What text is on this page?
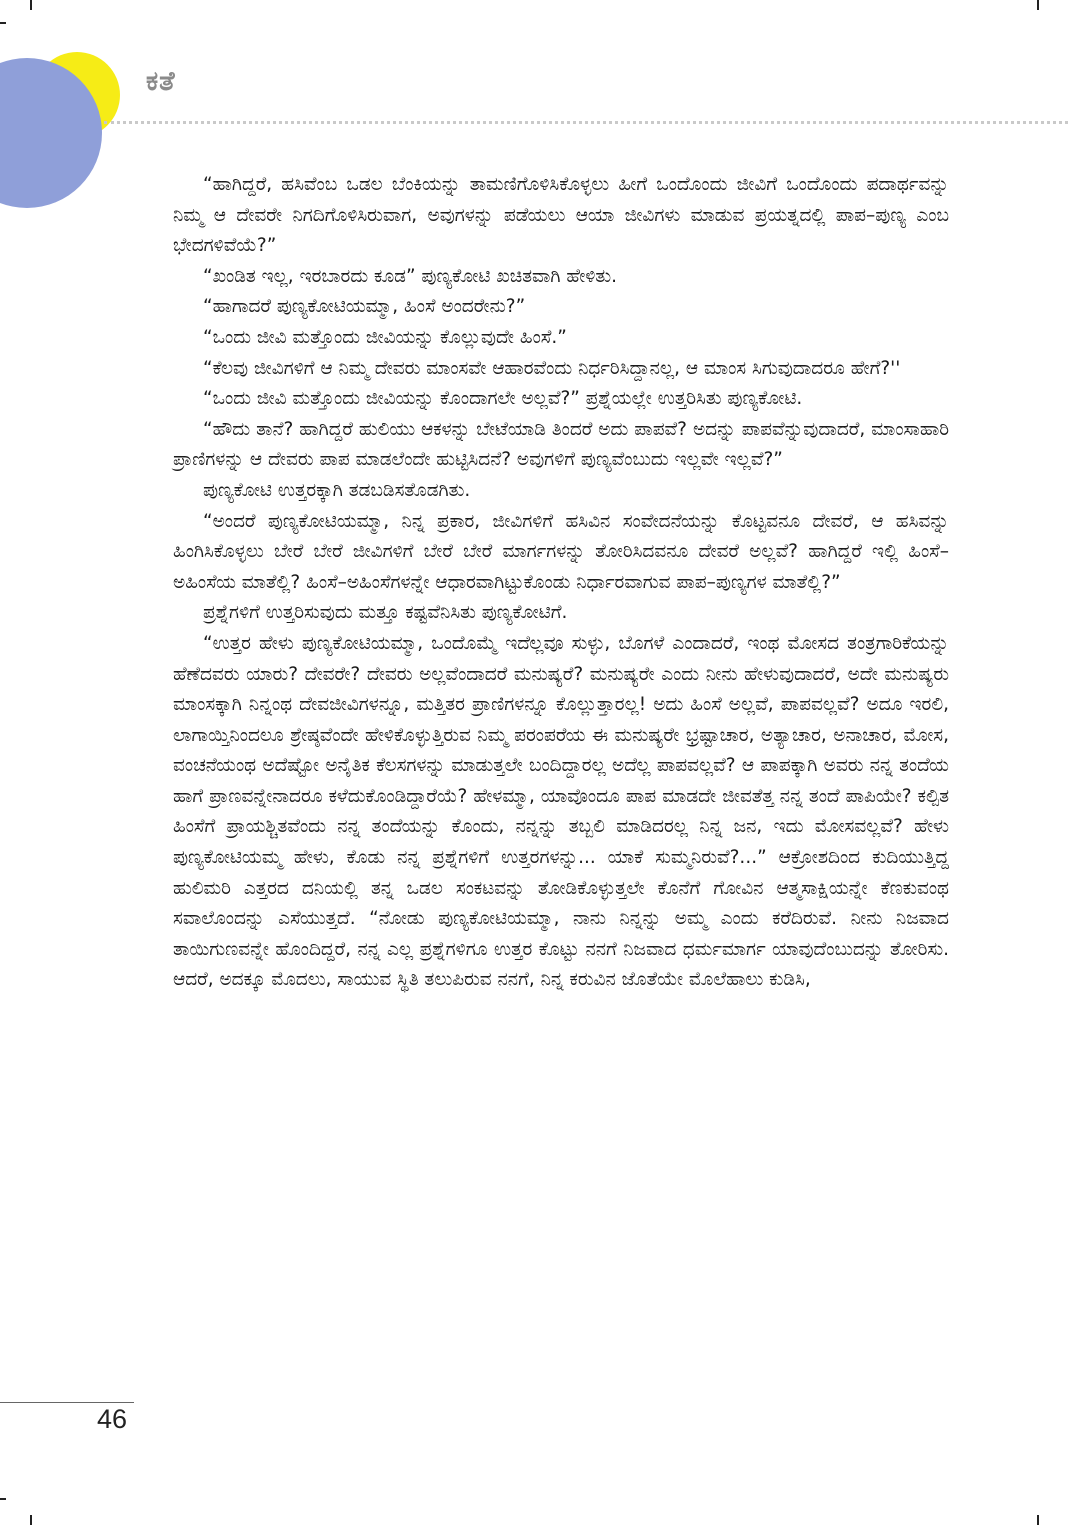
ಕತೆ

“ಹಾಗಿದ್ದರೆ, ಹಸಿವೆಂಬ ಒಡಲ ಬೆಂಕಿಯನ್ನು ತಾಮಣಿಗೊಳಿಸಿಕೊಳ್ಳಲು ಹೀಗೆ ಒಂದೊಂದು ಜೀವಿಗೆ ಒಂದೊಂದು ಪದಾರ್ಥವನ್ನು ನಿಮ್ಮ ಆ ದೇವರೇ ನಿಗದಿಗೊಳಿಸಿರುವಾಗ, ಅವುಗಳನ್ನು ಪಡೆಯಲು ಆಯಾ ಜೀವಿಗಳು ಮಾಡುವ ಪ್ರಯತ್ನದಲ್ಲಿ ಪಾಪ–ಪುಣ್ಯ ಎಂಬ ಭೇದಗಳಿವೆಯೆ?”

“ಖಂಡಿತ ಇಲ್ಲ, ಇರಬಾರದು ಕೂಡ” ಪುಣ್ಯಕೋಟಿ ಖಚಿತವಾಗಿ ಹೇಳಿತು.

“ಹಾಗಾದರೆ ಪುಣ್ಯಕೋಟಿಯಮ್ಮಾ, ಹಿಂಸೆ ಅಂದರೇನು?”

“ಒಂದು ಜೀವಿ ಮತ್ತೊಂದು ಜೀವಿಯನ್ನು ಕೊಲ್ಲುವುದೇ ಹಿಂಸೆ.”

“ಕೆಲವು ಜೀವಿಗಳಿಗೆ ಆ ನಿಮ್ಮ ದೇವರು ಮಾಂಸವೇ ಆಹಾರವೆಂದು ನಿರ್ಧರಿಸಿದ್ದಾನಲ್ಲ, ಆ ಮಾಂಸ ಸಿಗುವುದಾದರೂ ಹೇಗೆ?''

“ಒಂದು ಜೀವಿ ಮತ್ತೊಂದು ಜೀವಿಯನ್ನು ಕೊಂದಾಗಲೇ ಅಲ್ಲವೆ?” ಪ್ರಶ್ನೆಯಲ್ಲೇ ಉತ್ತರಿಸಿತು ಪುಣ್ಯಕೋಟಿ.

“ಹೌದು ತಾನೆ? ಹಾಗಿದ್ದರೆ ಹುಲಿಯು ಆಕಳನ್ನು ಬೇಟೆಯಾಡಿ ತಿಂದರೆ ಅದು ಪಾಪವೆ? ಅದನ್ನು ಪಾಪವೆನ್ನುವುದಾದರೆ, ಮಾಂಸಾಹಾರಿ ಪ್ರಾಣಿಗಳನ್ನು ಆ ದೇವರು ಪಾಪ ಮಾಡಲೆಂದೇ ಹುಟ್ಟಿಸಿದನೆ? ಅವುಗಳಿಗೆ ಪುಣ್ಯವೆಂಬುದು ಇಲ್ಲವೇ ಇಲ್ಲವೆ?”

ಪುಣ್ಯಕೋಟಿ ಉತ್ತರಕ್ಕಾಗಿ ತಡಬಡಿಸತೊಡಗಿತು.

“ಅಂದರೆ ಪುಣ್ಯಕೋಟಿಯಮ್ಮಾ, ನಿನ್ನ ಪ್ರಕಾರ, ಜೀವಿಗಳಿಗೆ ಹಸಿವಿನ ಸಂವೇದನೆಯನ್ನು ಕೊಟ್ಟವನೂ ದೇವರೆ, ಆ ಹಸಿವನ್ನು ಹಿಂಗಿಸಿಕೊಳ್ಳಲು ಬೇರೆ ಬೇರೆ ಜೀವಿಗಳಿಗೆ ಬೇರೆ ಬೇರೆ ಮಾರ್ಗಗಳನ್ನು ತೋರಿಸಿದವನೂ ದೇವರೆ ಅಲ್ಲವೆ? ಹಾಗಿದ್ದರೆ ಇಲ್ಲಿ ಹಿಂಸೆ–ಅಹಿಂಸೆಯ ಮಾತೆಲ್ಲಿ? ಹಿಂಸೆ–ಅಹಿಂಸೆಗಳನ್ನೇ ಆಧಾರವಾಗಿಟ್ಟುಕೊಂಡು ನಿರ್ಧಾರವಾಗುವ ಪಾಪ–ಪುಣ್ಯಗಳ ಮಾತೆಲ್ಲಿ?”

ಪ್ರಶ್ನೆಗಳಿಗೆ ಉತ್ತರಿಸುವುದು ಮತ್ತೂ ಕಷ್ಟವೆನಿಸಿತು ಪುಣ್ಯಕೋಟಿಗೆ.

“ಉತ್ತರ ಹೇಳು ಪುಣ್ಯಕೋಟಿಯಮ್ಮಾ, ಒಂದೊಮ್ಮೆ ಇದೆಲ್ಲವೂ ಸುಳ್ಳು, ಬೊಗಳೆ ಎಂದಾದರೆ, ಇಂಥ ಮೋಸದ ತಂತ್ರಗಾರಿಕೆಯನ್ನು ಹೆಣೆದವರು ಯಾರು? ದೇವರೇ? ದೇವರು ಅಲ್ಲವೆಂದಾದರೆ ಮನುಷ್ಯರೆ? ಮನುಷ್ಯರೇ ಎಂದು ನೀನು ಹೇಳುವುದಾದರೆ, ಅದೇ ಮನುಷ್ಯರು ಮಾಂಸಕ್ಕಾಗಿ ನಿನ್ನಂಥ ದೇವಜೀವಿಗಳನ್ನೂ, ಮತ್ತಿತರ ಪ್ರಾಣಿಗಳನ್ನೂ ಕೊಲ್ಲುತ್ತಾರಲ್ಲ! ಅದು ಹಿಂಸೆ ಅಲ್ಲವೆ, ಪಾಪವಲ್ಲವೆ? ಅದೂ ಇರಲಿ, ಲಾಗಾಯ್ತಿನಿಂದಲೂ ಶ್ರೇಷ್ಠವೆಂದೇ ಹೇಳಿಕೊಳ್ಳುತ್ತಿರುವ ನಿಮ್ಮ ಪರಂಪರೆಯ ಈ ಮನುಷ್ಯರೇ ಭ್ರಷ್ಟಾಚಾರ, ಅತ್ಯಾಚಾರ, ಅನಾಚಾರ, ಮೋಸ, ವಂಚನೆಯಂಥ ಅದೆಷ್ಟೋ ಅನೈತಿಕ ಕೆಲಸಗಳನ್ನು ಮಾಡುತ್ತಲೇ ಬಂದಿದ್ದಾರಲ್ಲ ಅದೆಲ್ಲ ಪಾಪವಲ್ಲವೆ? ಆ ಪಾಪಕ್ಕಾಗಿ ಅವರು ನನ್ನ ತಂದೆಯ ಹಾಗೆ ಪ್ರಾಣವನ್ನೇನಾದರೂ ಕಳೆದುಕೊಂಡಿದ್ದಾರೆಯೆ? ಹೇಳಮ್ಮಾ, ಯಾವೊಂದೂ ಪಾಪ ಮಾಡದೇ ಜೀವತೆತ್ತ ನನ್ನ ತಂದೆ ಪಾಪಿಯೇ? ಕಲ್ಪಿತ ಹಿಂಸೆಗೆ ಪ್ರಾಯಶ್ಚಿತವೆಂದು ನನ್ನ ತಂದೆಯನ್ನು ಕೊಂದು, ನನ್ನನ್ನು ತಬ್ಬಲಿ ಮಾಡಿದರಲ್ಲ ನಿನ್ನ ಜನ, ಇದು ಮೋಸವಲ್ಲವೆ? ಹೇಳು ಪುಣ್ಯಕೋಟಿಯಮ್ಮ ಹೇಳು, ಕೊಡು ನನ್ನ ಪ್ರಶ್ನೆಗಳಿಗೆ ಉತ್ತರಗಳನ್ನು... ಯಾಕೆ ಸುಮ್ಮನಿರುವೆ?...” ಆಕ್ರೋಶದಿಂದ ಕುದಿಯುತ್ತಿದ್ದ ಹುಲಿಮರಿ ಎತ್ತರದ ದನಿಯಲ್ಲಿ ತನ್ನ ಒಡಲ ಸಂಕಟವನ್ನು ತೋಡಿಕೊಳ್ಳುತ್ತಲೇ ಕೊನೆಗೆ ಗೋವಿನ ಆತ್ಮಸಾಕ್ಷಿಯನ್ನೇ ಕೆಣಕುವಂಥ ಸವಾಲೊಂದನ್ನು ಎಸೆಯುತ್ತದೆ. “ನೋಡು ಪುಣ್ಯಕೋಟಿಯಮ್ಮಾ, ನಾನು ನಿನ್ನನ್ನು ಅಮ್ಮ ಎಂದು ಕರೆದಿರುವೆ. ನೀನು ನಿಜವಾದ ತಾಯಿಗುಣವನ್ನೇ ಹೊಂದಿದ್ದರೆ, ನನ್ನ ಎಲ್ಲ ಪ್ರಶ್ನೆಗಳಿಗೂ ಉತ್ತರ ಕೊಟ್ಟು ನನಗೆ ನಿಜವಾದ ಧರ್ಮಮಾರ್ಗ ಯಾವುದೆಂಬುದನ್ನು ತೋರಿಸು. ಆದರೆ, ಅದಕ್ಕೂ ಮೊದಲು, ಸಾಯುವ ಸ್ಥಿತಿ ತಲುಪಿರುವ ನನಗೆ, ನಿನ್ನ ಕರುವಿನ ಜೊತೆಯೇ ಮೊಲೆಹಾಲು ಕುಡಿಸಿ,

46
